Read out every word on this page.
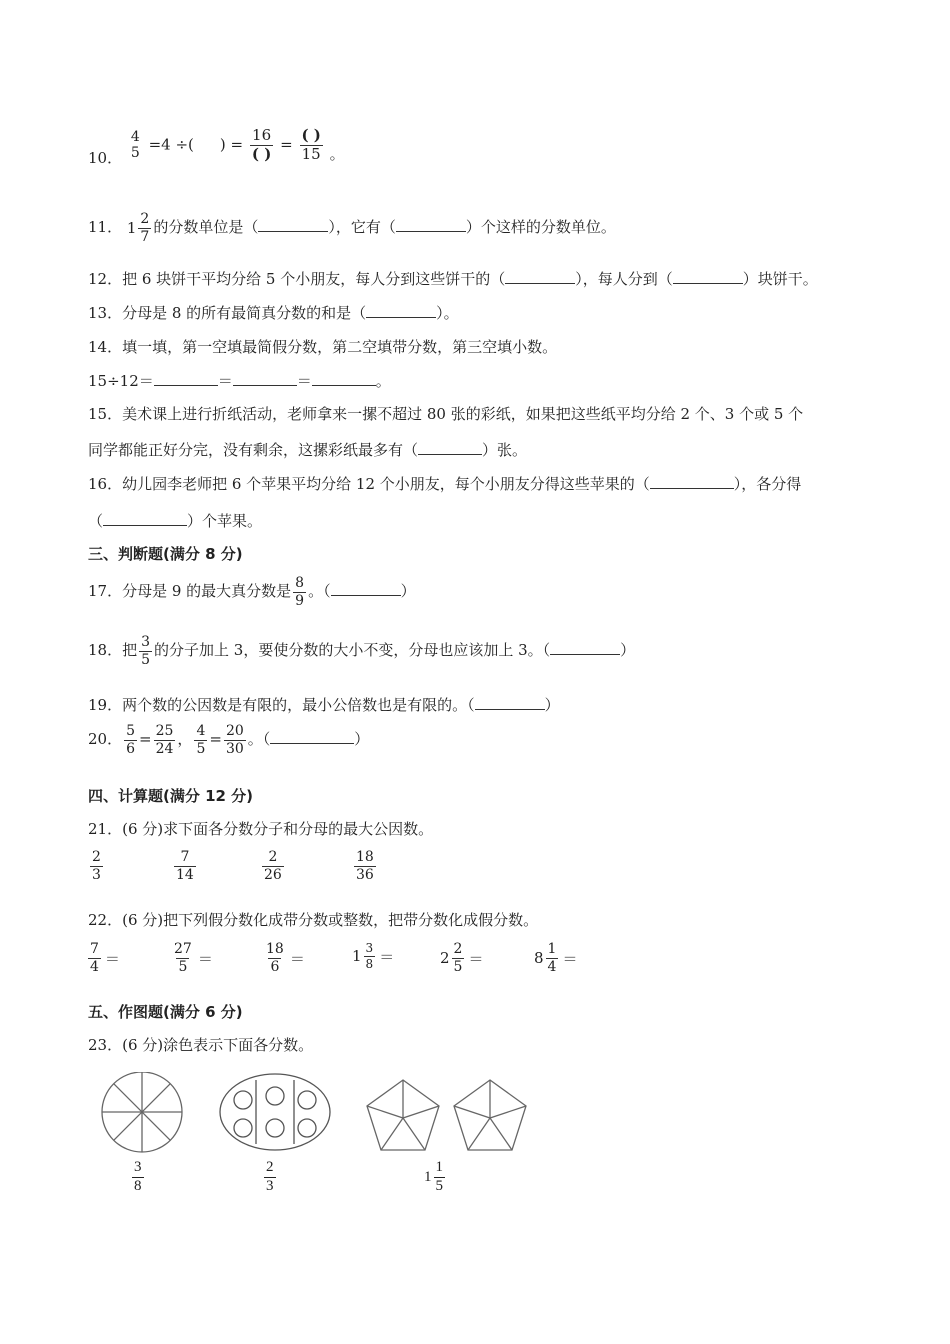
10．
4
5 =4 ÷( ) = $\frac{16}{( )} = \frac{( )}{15}$ 。
11． $1 \frac{2}{7}$ 的分数单位是（	），它有（	）个这样的分数单位。
12．把 6 块饼干平均分给 5 个小朋友，每人分到这些饼干的（	），每人分到（	）块饼干。
13．分母是 8 的所有最简真分数的和是（	）。
14．填一填，第一空填最简假分数，第二空填带分数，第三空填小数。
15÷12＝	＝	＝	。
15．美术课上进行折纸活动，老师拿来一摞不超过 80 张的彩纸，如果把这些纸平均分给 2 个、3 个或 5 个
同学都能正好分完，没有剩余，这摞彩纸最多有（	）张。
16．幼儿园李老师把 6 个苹果平均分给 12 个小朋友，每个小朋友分得这些苹果的（	），各分得
（	）个苹果。
三、判断题(满分 8 分)
17．分母是 9 的最大真分数是 $\frac{8}{9}$ 。（	）
18．把 $\frac{3}{5}$ 的分子加上 3，要使分数的大小不变，分母也应该加上 3。（	）
19．两个数的公因数是有限的，最小公倍数也是有限的。（	）
20． $\frac{5}{6} = \frac{25}{24}$ ， $\frac{4}{5} = \frac{20}{30}$ 。（	）
四、计算题(满分 12 分)
21．(6 分)求下面各分数分子和分母的最大公因数。
$\frac{2}{3}$	$\frac{7}{14}$	$\frac{2}{26}$	$\frac{18}{36}$
22．(6 分)把下列假分数化成带分数或整数，把带分数化成假分数。
$\frac{7}{4}$ ＝	$\frac{27}{5}$ ＝	$\frac{18}{6}$ ＝	$1 \frac{3}{8}$ ＝	$2 \frac{2}{5}$ ＝	$8 \frac{1}{4}$ ＝
五、作图题(满分 6 分)
23．(6 分)涂色表示下面各分数。
$\frac{3}{8}$	$\frac{2}{3}$	$1 \frac{1}{5}$
